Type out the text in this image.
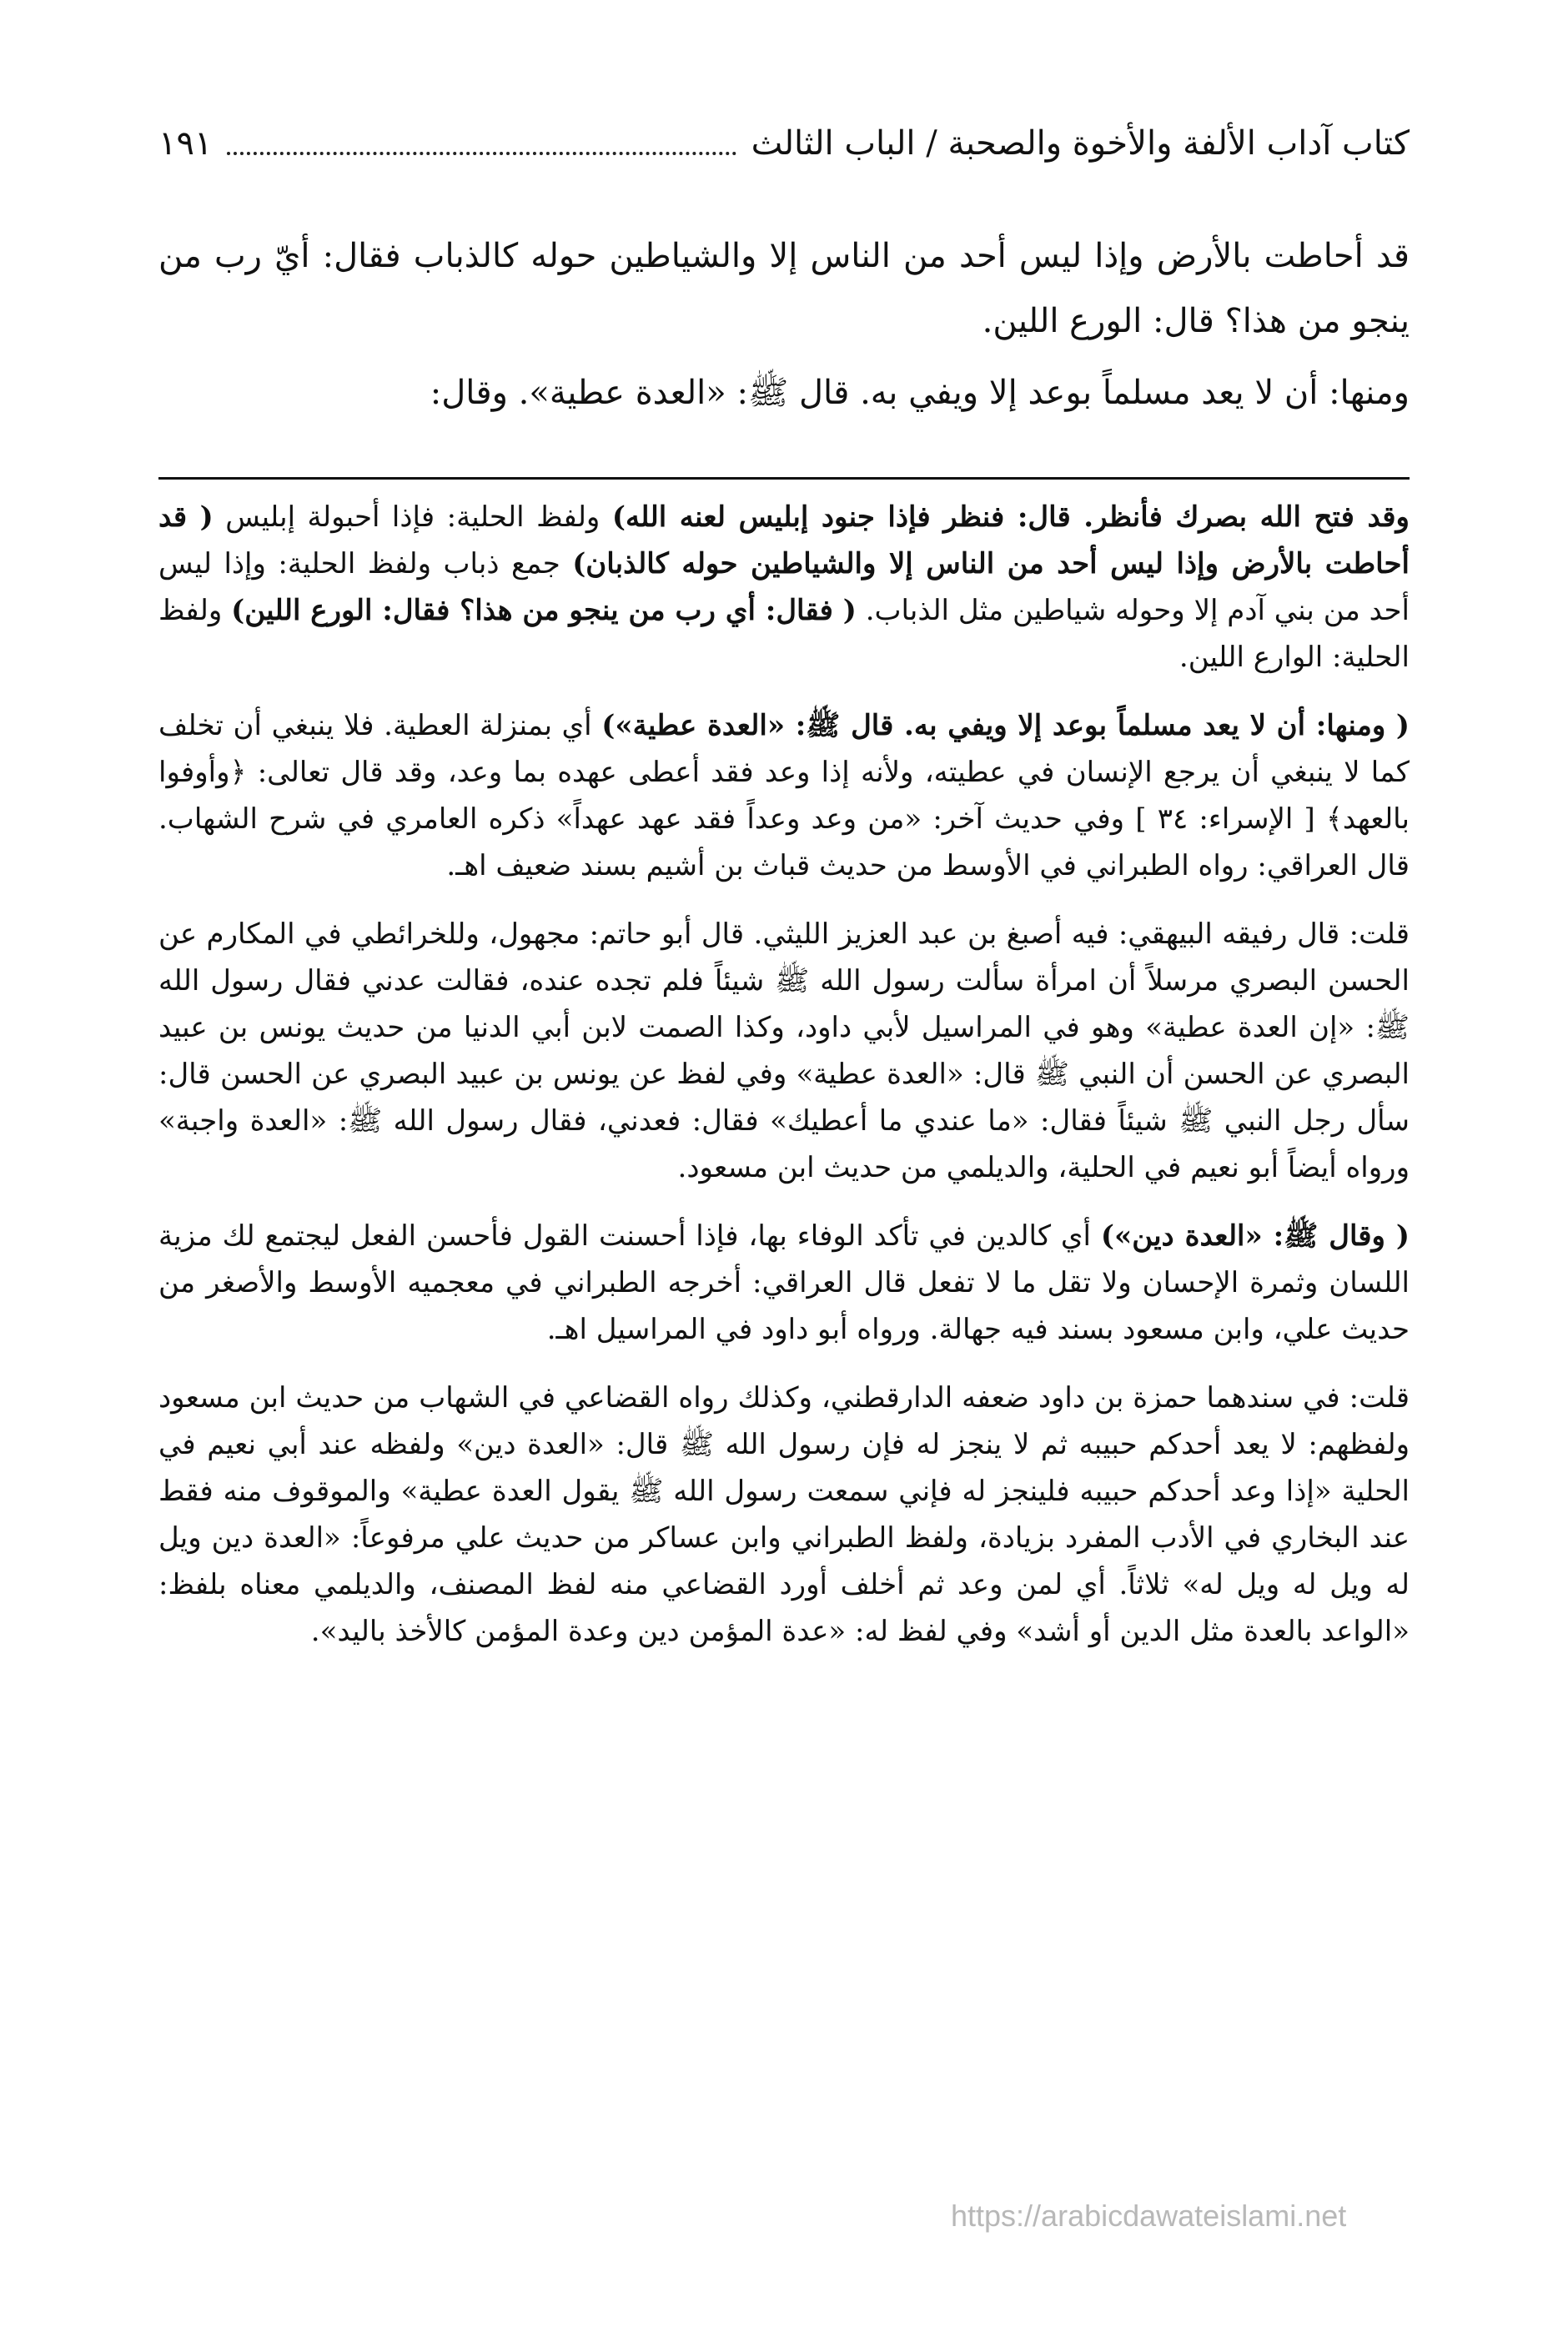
كتاب آداب الألفة والأخوة والصحبة / الباب الثالث
١٩١

قد أحاطت بالأرض وإذا ليس أحد من الناس إلا والشياطين حوله كالذباب فقال: أيّ رب من ينجو من هذا؟ قال: الورع اللين.

ومنها: أن لا يعد مسلماً بوعد إلا ويفي به. قال ﷺ: «العدة عطية». وقال:

وقد فتح الله بصرك فأنظر. قال: فنظر فإذا جنود إبليس لعنه الله) ولفظ الحلية: فإذا أحبولة إبليس ( قد أحاطت بالأرض وإذا ليس أحد من الناس إلا والشياطين حوله كالذبان) جمع ذباب ولفظ الحلية: وإذا ليس أحد من بني آدم إلا وحوله شياطين مثل الذباب. ( فقال: أي رب من ينجو من هذا؟ فقال: الورع اللين) ولفظ الحلية: الوارع اللين.

( ومنها: أن لا يعد مسلماً بوعد إلا ويفي به. قال ﷺ: «العدة عطية») أي بمنزلة العطية. فلا ينبغي أن تخلف كما لا ينبغي أن يرجع الإنسان في عطيته، ولأنه إذا وعد فقد أعطى عهده بما وعد، وقد قال تعالى: ﴿وأوفوا بالعهد﴾ [ الإسراء: ٣٤ ] وفي حديث آخر: «من وعد وعداً فقد عهد عهداً» ذكره العامري في شرح الشهاب. قال العراقي: رواه الطبراني في الأوسط من حديث قباث بن أشيم بسند ضعيف اهـ.

قلت: قال رفيقه البيهقي: فيه أصبغ بن عبد العزيز الليثي. قال أبو حاتم: مجهول، وللخرائطي في المكارم عن الحسن البصري مرسلاً أن امرأة سألت رسول الله ﷺ شيئاً فلم تجده عنده، فقالت عدني فقال رسول الله ﷺ: «إن العدة عطية» وهو في المراسيل لأبي داود، وكذا الصمت لابن أبي الدنيا من حديث يونس بن عبيد البصري عن الحسن أن النبي ﷺ قال: «العدة عطية» وفي لفظ عن يونس بن عبيد البصري عن الحسن قال: سأل رجل النبي ﷺ شيئاً فقال: «ما عندي ما أعطيك» فقال: فعدني، فقال رسول الله ﷺ: «العدة واجبة» ورواه أيضاً أبو نعيم في الحلية، والديلمي من حديث ابن مسعود.

( وقال ﷺ: «العدة دين») أي كالدين في تأكد الوفاء بها، فإذا أحسنت القول فأحسن الفعل ليجتمع لك مزية اللسان وثمرة الإحسان ولا تقل ما لا تفعل قال العراقي: أخرجه الطبراني في معجميه الأوسط والأصغر من حديث علي، وابن مسعود بسند فيه جهالة. ورواه أبو داود في المراسيل اهـ.

قلت: في سندهما حمزة بن داود ضعفه الدارقطني، وكذلك رواه القضاعي في الشهاب من حديث ابن مسعود ولفظهم: لا يعد أحدكم حبيبه ثم لا ينجز له فإن رسول الله ﷺ قال: «العدة دين» ولفظه عند أبي نعيم في الحلية «إذا وعد أحدكم حبيبه فلينجز له فإني سمعت رسول الله ﷺ يقول العدة عطية» والموقوف منه فقط عند البخاري في الأدب المفرد بزيادة، ولفظ الطبراني وابن عساكر من حديث علي مرفوعاً: «العدة دين ويل له ويل له ويل له» ثلاثاً. أي لمن وعد ثم أخلف أورد القضاعي منه لفظ المصنف، والديلمي معناه بلفظ: «الواعد بالعدة مثل الدين أو أشد» وفي لفظ له: «عدة المؤمن دين وعدة المؤمن كالأخذ باليد».

https://arabicdawateislami.net
